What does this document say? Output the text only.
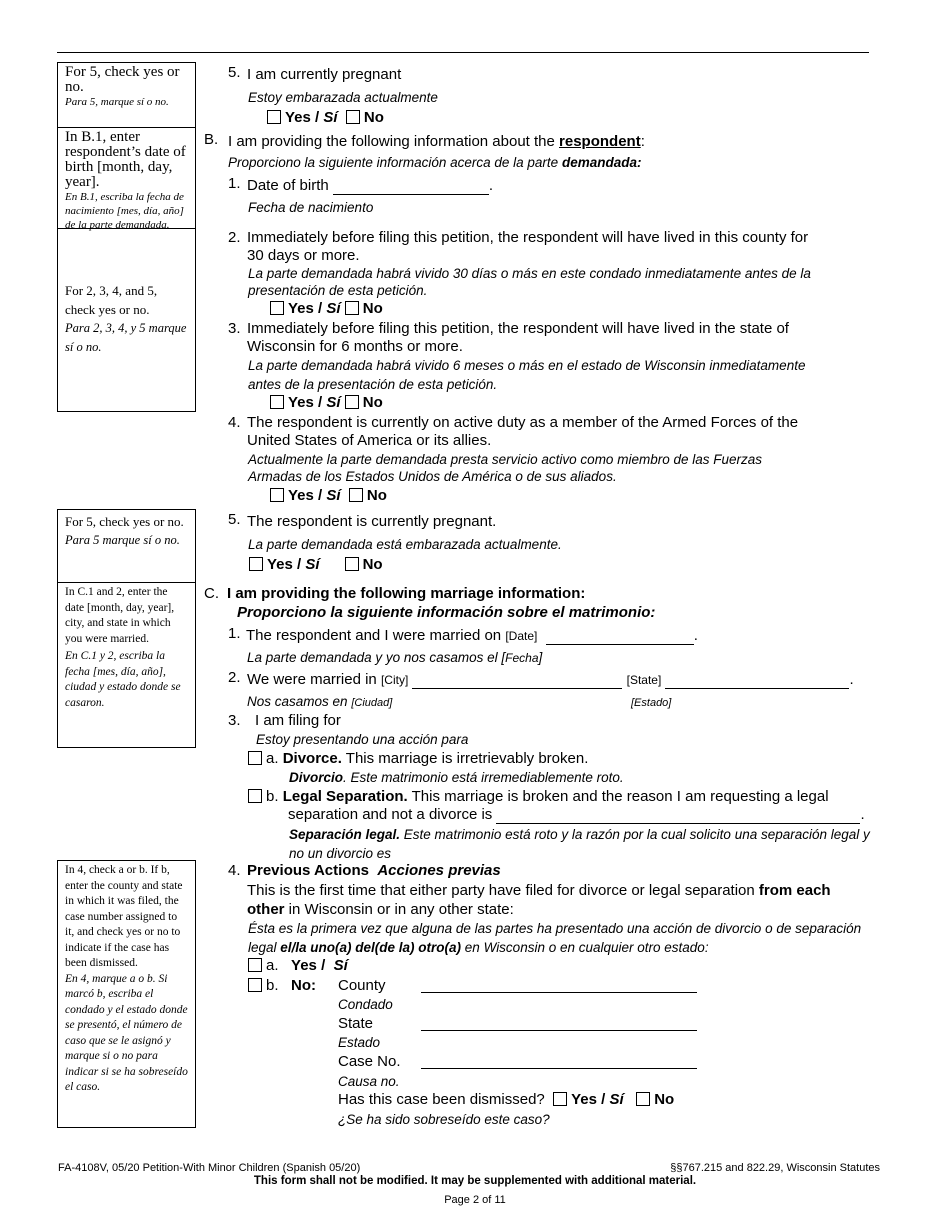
For 5, check yes or no.
Para 5, marque sí o no.
In B.1, enter respondent’s date of birth [month, day, year].
En B.1, escriba la fecha de nacimiento [mes, día, año] de la parte demandada.
For 2, 3, 4, and 5, check yes or no.
Para 2, 3, 4, y 5 marque sí o no.
For 5, check yes or no.
Para 5 marque sí o no.
In C.1 and 2, enter the date [month, day, year], city, and state in which you were married.
En C.1 y 2, escriba la fecha [mes, día, año], ciudad y estado donde se casaron.
In 4, check a or b. If b, enter the county and state in which it was filed, the case number assigned to it, and check yes or no to indicate if the case has been dismissed.
En 4, marque a o b. Si marcó b, escriba el condado y el estado donde se presentó, el número de caso que se le asignó y marque si o no para indicar si se ha sobreseído el caso.
5. I am currently pregnant
Estoy embarazada actualmente
Yes / Sí No
B. I am providing the following information about the respondent:
Proporciono la siguiente información acerca de la parte demandada:
1. Date of birth	.
Fecha de nacimiento
2. Immediately before filing this petition, the respondent will have lived in this county for
30 days or more.
La parte demandada habrá vivido 30 días o más en este condado inmediatamente antes de la
presentación de esta petición.
Yes / Sí No
3. Immediately before filing this petition, the respondent will have lived in the state of
Wisconsin for 6 months or more.
La parte demandada habrá vivido 6 meses o más en el estado de Wisconsin inmediatamente
antes de la presentación de esta petición.
Yes / Sí No
4. The respondent is currently on active duty as a member of the Armed Forces of the
United States of America or its allies.
Actualmente la parte demandada presta servicio activo como miembro de las Fuerzas
Armadas de los Estados Unidos de América o de sus aliados.
Yes / Sí No
5. The respondent is currently pregnant.
La parte demandada está embarazada actualmente.
Yes / Sí	No
C. I am providing the following marriage information:
Proporciono la siguiente información sobre el matrimonio:
1. The respondent and I were married on [Date]	.
La parte demandada y yo nos casamos el [Fecha]
2. We were married in [City]	[State]	.
Nos casamos en [Ciudad]	[Estado]
3. I am filing for
Estoy presentando una acción para
a. Divorce. This marriage is irretrievably broken.
Divorcio. Este matrimonio está irremediablemente roto.
b. Legal Separation. This marriage is broken and the reason I am requesting a legal
separation and not a divorce is	.
Separación legal. Este matrimonio está roto y la razón por la cual solicito una separación legal y
no un divorcio es
4. Previous Actions Acciones previas
This is the first time that either party have filed for divorce or legal separation from each
other in Wisconsin or in any other state:
Ésta es la primera vez que alguna de las partes ha presentado una acción de divorcio o de separación
legal el/la uno(a) del(de la) otro(a) en Wisconsin o en cualquier otro estado:
a. Yes / Sí
b. No: County
Condado
State
Estado
Case No.
Causa no.
Has this case been dismissed? Yes / Sí No
¿Se ha sido sobreseído este caso?
FA-4108V, 05/20 Petition-With Minor Children (Spanish 05/20)	§§767.215 and 822.29, Wisconsin Statutes
This form shall not be modified. It may be supplemented with additional material.
Page 2 of 11
